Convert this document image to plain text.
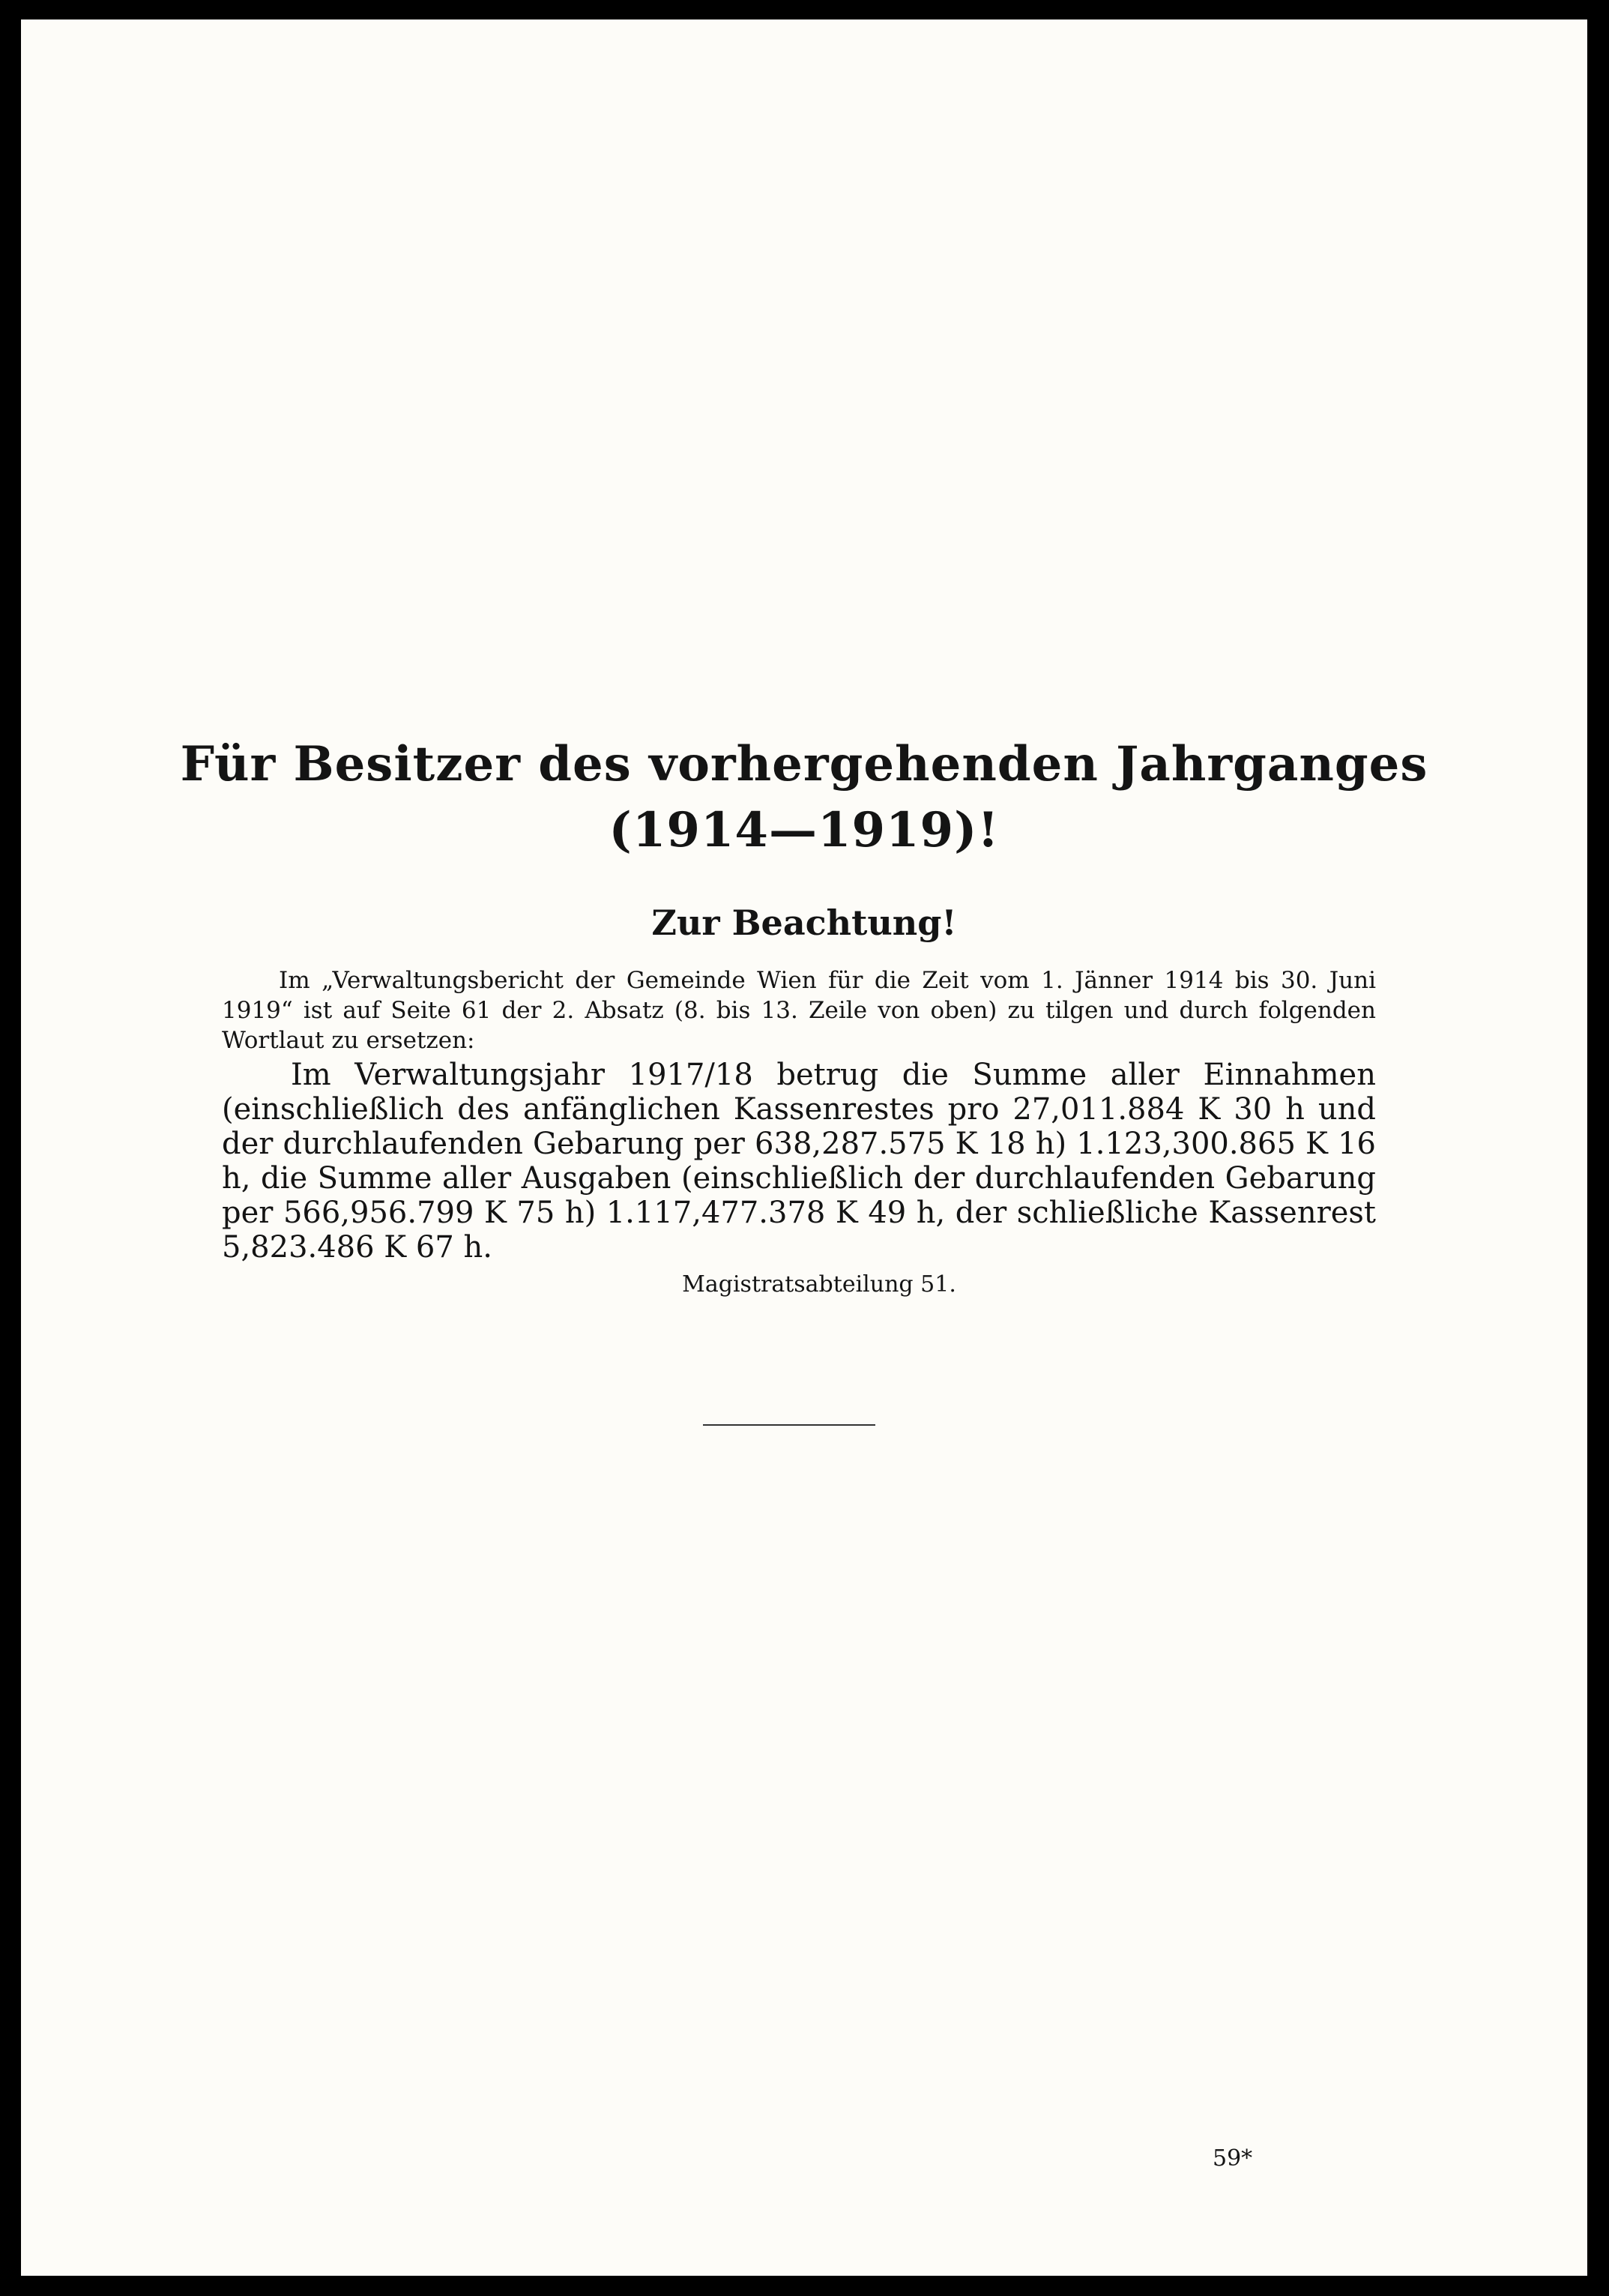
Für Besitzer des vorhergehenden Jahrganges
(1914—1919)!
Zur Beachtung!

Im „Verwaltungsbericht der Gemeinde Wien für die Zeit vom 1. Jänner 1914 bis 30. Juni 1919“ ist auf Seite 61 der 2. Absatz (8. bis 13. Zeile von oben) zu tilgen und durch folgenden Wortlaut zu ersetzen:

Im Verwaltungsjahr 1917/18 betrug die Summe aller Einnahmen (einschließlich des anfänglichen Kassenrestes pro 27,011.884 K 30 h und der durchlaufenden Gebarung per 638,287.575 K 18 h) 1.123,300.865 K 16 h, die Summe aller Ausgaben (einschließlich der durchlaufenden Gebarung per 566,956.799 K 75 h) 1.117,477.378 K 49 h, der schließliche Kassenrest 5,823.486 K 67 h.

Magistratsabteilung 51.
59*
